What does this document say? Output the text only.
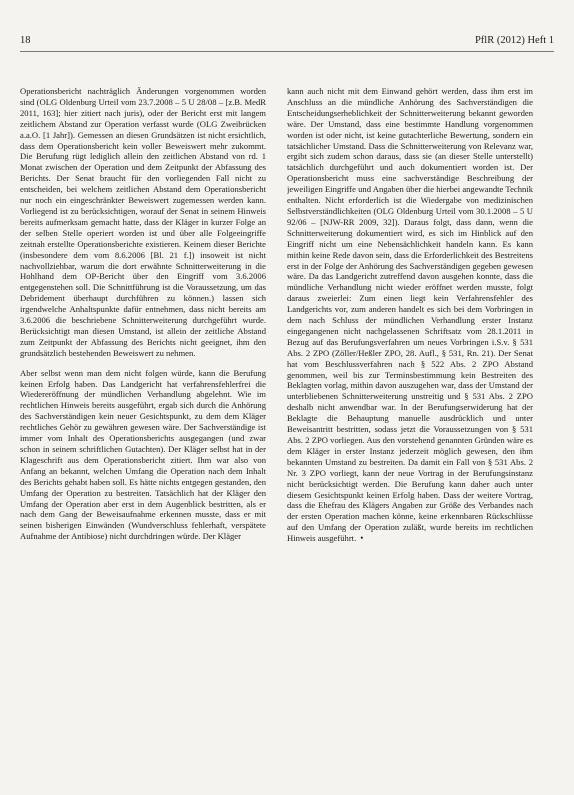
18	PflR (2012) Heft 1

Operationsbericht nachträglich Änderungen vorgenommen worden sind (OLG Oldenburg Urteil vom 23.7.2008 – 5 U 28/08 – [z.B. MedR 2011, 163]; hier zitiert nach juris), oder der Bericht erst mit langem zeitlichem Abstand zur Operation verfasst wurde (OLG Zweibrücken a.a.O. [1 Jahr]). Gemessen an diesen Grundsätzen ist nicht ersichtlich, dass dem Operationsbericht kein voller Beweiswert mehr zukommt. Die Berufung rügt lediglich allein den zeitlichen Abstand von rd. 1 Monat zwischen der Operation und dem Zeitpunkt der Abfassung des Berichts. Der Senat braucht für den vorliegenden Fall nicht zu entscheiden, bei welchem zeitlichen Abstand dem Operationsbericht nur noch ein eingeschränkter Beweiswert zugemessen werden kann. Vorliegend ist zu berücksichtigen, worauf der Senat in seinem Hinweis bereits aufmerksam gemacht hatte, dass der Kläger in kurzer Folge an der selben Stelle operiert worden ist und über alle Folgeeingriffe zeitnah erstellte Operationsberichte existieren. Keinem dieser Berichte (insbesondere dem vom 8.6.2006 [Bl. 21 f.]) insoweit ist nicht nachvollziehbar, warum die dort erwähnte Schnitterweiterung in die Hohlhand dem OP-Bericht über den Eingriff vom 3.6.2006 entgegenstehen soll. Die Schnittführung ist die Voraussetzung, um das Debridement überhaupt durchführen zu können.) lassen sich irgendwelche Anhaltspunkte dafür entnehmen, dass nicht bereits am 3.6.2006 die beschriebene Schnitterweiterung durchgeführt wurde. Berücksichtigt man diesen Umstand, ist allein der zeitliche Abstand zum Zeitpunkt der Abfassung des Berichts nicht geeignet, ihm den grundsätzlich bestehenden Beweiswert zu nehmen.

Aber selbst wenn man dem nicht folgen würde, kann die Berufung keinen Erfolg haben. Das Landgericht hat verfahrensfehlerfrei die Wiedereröffnung der mündlichen Verhandlung abgelehnt. Wie im rechtlichen Hinweis bereits ausgeführt, ergab sich durch die Anhörung des Sachverständigen kein neuer Gesichtspunkt, zu dem dem Kläger rechtliches Gehör zu gewähren gewesen wäre. Der Sachverständige ist immer vom Inhalt des Operationsberichts ausgegangen (und zwar schon in seinem schriftlichen Gutachten). Der Kläger selbst hat in der Klageschrift aus dem Operationsbericht zitiert. Ihm war also von Anfang an bekannt, welchen Umfang die Operation nach dem Inhalt des Berichts gehabt haben soll. Es hätte nichts entgegen gestanden, den Umfang der Operation zu bestreiten. Tatsächlich hat der Kläger den Umfang der Operation aber erst in dem Augenblick bestritten, als er nach dem Gang der Beweisaufnahme erkennen musste, dass er mit seinen bisherigen Einwänden (Wundverschluss fehlerhaft, verspätete Aufnahme der Antibiose) nicht durchdringen würde. Der Kläger

kann auch nicht mit dem Einwand gehört werden, dass ihm erst im Anschluss an die mündliche Anhörung des Sachverständigen die Entscheidungserheblichkeit der Schnitterweiterung bekannt geworden wäre. Der Umstand, dass eine bestimmte Handlung vorgenommen worden ist oder nicht, ist keine gutachterliche Bewertung, sondern ein tatsächlicher Umstand. Dass die Schnitterweiterung von Relevanz war, ergibt sich zudem schon daraus, dass sie (an dieser Stelle unterstellt) tatsächlich durchgeführt und auch dokumentiert worden ist. Der Operationsbericht muss eine sachverständige Beschreibung der jeweiligen Eingriffe und Angaben über die hierbei angewandte Technik enthalten. Nicht erforderlich ist die Wiedergabe von medizinischen Selbstverständlichkeiten (OLG Oldenburg Urteil vom 30.1.2008 – 5 U 92/06 – [NJW-RR 2009, 32]). Daraus folgt, dass dann, wenn die Schnitterweiterung dokumentiert wird, es sich im Hinblick auf den Eingriff nicht um eine Nebensächlichkeit handeln kann. Es kann mithin keine Rede davon sein, dass die Erforderlichkeit des Bestreitens erst in der Folge der Anhörung des Sachverständigen gegeben gewesen wäre. Da das Landgericht zutreffend davon ausgehen konnte, dass die mündliche Verhandlung nicht wieder eröffnet werden musste, folgt daraus zweierlei: Zum einen liegt kein Verfahrensfehler des Landgerichts vor, zum anderen handelt es sich bei dem Vorbringen in dem nach Schluss der mündlichen Verhandlung erster Instanz eingegangenen nicht nachgelassenen Schriftsatz vom 28.1.2011 in Bezug auf das Berufungsverfahren um neues Vorbringen i.S.v. § 531 Abs. 2 ZPO (Zöller/Heßler ZPO, 28. Aufl., § 531, Rn. 21). Der Senat hat vom Beschlussverfahren nach § 522 Abs. 2 ZPO Abstand genommen, weil bis zur Terminsbestimmung kein Bestreiten des Beklagten vorlag, mithin davon auszugehen war, dass der Umstand der unterbliebenen Schnitterweiterung unstreitig und § 531 Abs. 2 ZPO deshalb nicht anwendbar war. In der Berufungserwiderung hat der Beklagte die Behauptung manuelle ausdrücklich und unter Beweisantritt bestritten, sodass jetzt die Voraussetzungen von § 531 Abs. 2 ZPO vorliegen. Aus den vorstehend genannten Gründen wäre es dem Kläger in erster Instanz jederzeit möglich gewesen, den ihm bekannten Umstand zu bestreiten. Da damit ein Fall von § 531 Abs. 2 Nr. 3 ZPO vorliegt, kann der neue Vortrag in der Berufungsinstanz nicht berücksichtigt werden. Die Berufung kann daher auch unter diesem Gesichtspunkt keinen Erfolg haben. Dass der weitere Vortrag, dass die Ehefrau des Klägers Angaben zur Größe des Verbandes nach der ersten Operation machen könne, keine erkennbaren Rückschlüsse auf den Umfang der Operation zuläßt, wurde bereits im rechtlichen Hinweis ausgeführt. •
